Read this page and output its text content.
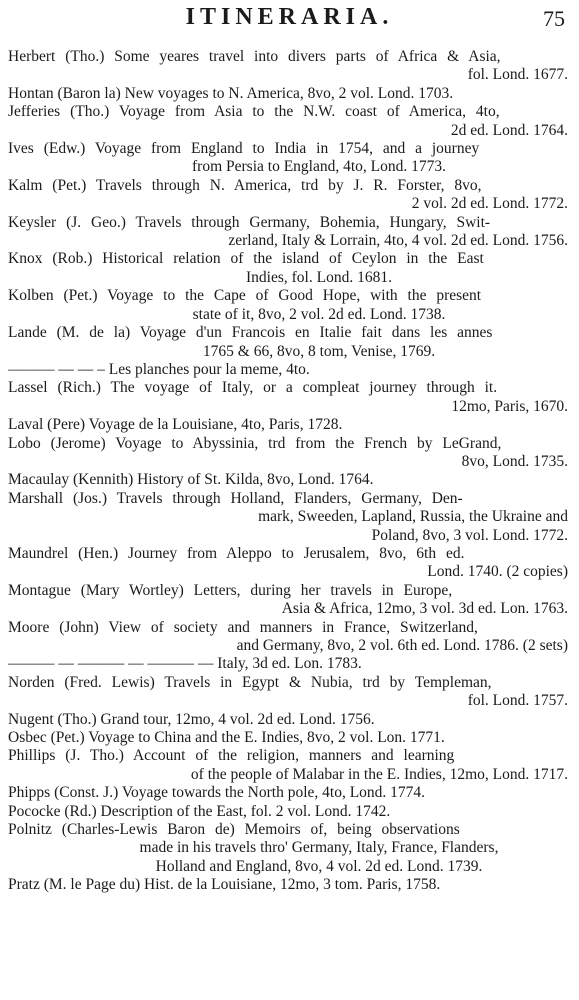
ITINERARIA.	75
Herbert (Tho.) Some yeares travel into divers parts of Africa & Asia,
fol. Lond. 1677.
Hontan (Baron la) New voyages to N. America, 8vo, 2 vol. Lond. 1703.
Jefferies (Tho.) Voyage from Asia to the N.W. coast of America, 4to,
2d ed. Lond. 1764.
Ives (Edw.) Voyage from England to India in 1754, and a journey
from Persia to England, 4to, Lond. 1773.
Kalm (Pet.) Travels through N. America, trd by J. R. Forster, 8vo,
2 vol. 2d ed. Lond. 1772.
Keysler (J. Geo.) Travels through Germany, Bohemia, Hungary, Swit-
zerland, Italy & Lorrain, 4to, 4 vol. 2d ed. Lond. 1756.
Knox (Rob.) Historical relation of the island of Ceylon in the East
Indies, fol. Lond. 1681.
Kolben (Pet.) Voyage to the Cape of Good Hope, with the present
state of it, 8vo, 2 vol. 2d ed. Lond. 1738.
Lande (M. de la) Voyage d'un Francois en Italie fait dans les annes
1765 & 66, 8vo, 8 tom, Venise, 1769.
——— — — – Les planches pour la meme, 4to.
Lassel (Rich.) The voyage of Italy, or a compleat journey through it.
12mo, Paris, 1670.
Laval (Pere) Voyage de la Louisiane, 4to, Paris, 1728.
Lobo (Jerome) Voyage to Abyssinia, trd from the French by LeGrand,
8vo, Lond. 1735.
Macaulay (Kennith) History of St. Kilda, 8vo, Lond. 1764.
Marshall (Jos.) Travels through Holland, Flanders, Germany, Den-
mark, Sweeden, Lapland, Russia, the Ukraine and
Poland, 8vo, 3 vol. Lond. 1772.
Maundrel (Hen.) Journey from Aleppo to Jerusalem, 8vo, 6th ed.
Lond. 1740. (2 copies)
Montague (Mary Wortley) Letters, during her travels in Europe,
Asia & Africa, 12mo, 3 vol. 3d ed. Lon. 1763.
Moore (John) View of society and manners in France, Switzerland,
and Germany, 8vo, 2 vol. 6th ed. Lond. 1786. (2 sets)
——— — ——— — ——— — Italy, 3d ed. Lon. 1783.
Norden (Fred. Lewis) Travels in Egypt & Nubia, trd by Templeman,
fol. Lond. 1757.
Nugent (Tho.) Grand tour, 12mo, 4 vol. 2d ed. Lond. 1756.
Osbec (Pet.) Voyage to China and the E. Indies, 8vo, 2 vol. Lon. 1771.
Phillips (J. Tho.) Account of the religion, manners and learning
of the people of Malabar in the E. Indies, 12mo, Lond. 1717.
Phipps (Const. J.) Voyage towards the North pole, 4to, Lond. 1774.
Pococke (Rd.) Description of the East, fol. 2 vol. Lond. 1742.
Polnitz (Charles-Lewis Baron de) Memoirs of, being observations
made in his travels thro' Germany, Italy, France, Flanders,
Holland and England, 8vo, 4 vol. 2d ed. Lond. 1739.
Pratz (M. le Page du) Hist. de la Louisiane, 12mo, 3 tom. Paris, 1758.
